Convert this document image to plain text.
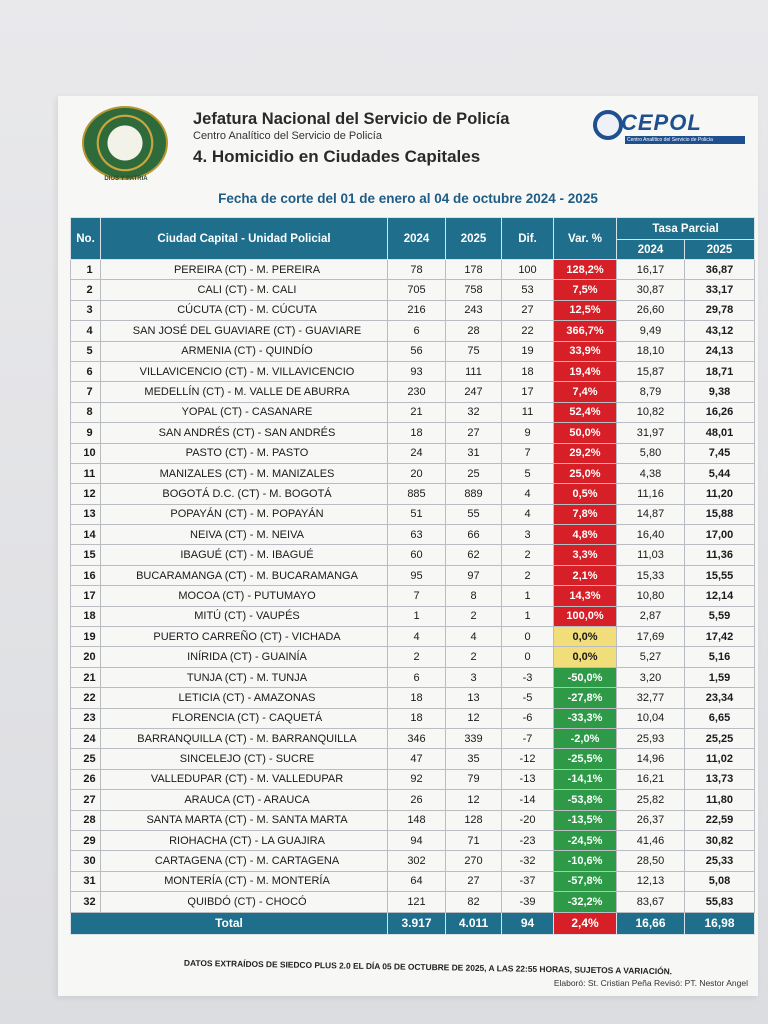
DIOS Y PATRIA
Jefatura Nacional del Servicio de Policía
Centro Analítico del Servicio de Policía
4. Homicidio en Ciudades Capitales
CEPOL
Centro Analítico del Servicio de Policía
Fecha de corte del 01 de enero al 04 de octubre 2024 - 2025
No.	Ciudad Capital - Unidad Policial	2024	2025	Dif.	Var. %	Tasa Parcial	
						2024	2025
1	PEREIRA (CT) - M. PEREIRA	78	178	100	128,2%	16,17	36,87
2	CALI (CT) - M. CALI	705	758	53	7,5%	30,87	33,17
3	CÚCUTA (CT) - M. CÚCUTA	216	243	27	12,5%	26,60	29,78
4	SAN JOSÉ DEL GUAVIARE (CT) - GUAVIARE	6	28	22	366,7%	9,49	43,12
5	ARMENIA (CT) - QUINDÍO	56	75	19	33,9%	18,10	24,13
6	VILLAVICENCIO (CT) - M. VILLAVICENCIO	93	111	18	19,4%	15,87	18,71
7	MEDELLÍN (CT) - M. VALLE DE ABURRA	230	247	17	7,4%	8,79	9,38
8	YOPAL (CT) - CASANARE	21	32	11	52,4%	10,82	16,26
9	SAN ANDRÉS (CT) - SAN ANDRÉS	18	27	9	50,0%	31,97	48,01
10	PASTO (CT) - M. PASTO	24	31	7	29,2%	5,80	7,45
11	MANIZALES (CT) - M. MANIZALES	20	25	5	25,0%	4,38	5,44
12	BOGOTÁ D.C. (CT) - M. BOGOTÁ	885	889	4	0,5%	11,16	11,20
13	POPAYÁN (CT) - M. POPAYÁN	51	55	4	7,8%	14,87	15,88
14	NEIVA (CT) - M. NEIVA	63	66	3	4,8%	16,40	17,00
15	IBAGUÉ (CT) - M. IBAGUÉ	60	62	2	3,3%	11,03	11,36
16	BUCARAMANGA (CT) - M. BUCARAMANGA	95	97	2	2,1%	15,33	15,55
17	MOCOA (CT) - PUTUMAYO	7	8	1	14,3%	10,80	12,14
18	MITÚ (CT) - VAUPÉS	1	2	1	100,0%	2,87	5,59
19	PUERTO CARREÑO (CT) - VICHADA	4	4	0	0,0%	17,69	17,42
20	INÍRIDA (CT) - GUAINÍA	2	2	0	0,0%	5,27	5,16
21	TUNJA (CT) - M. TUNJA	6	3	-3	-50,0%	3,20	1,59
22	LETICIA (CT) - AMAZONAS	18	13	-5	-27,8%	32,77	23,34
23	FLORENCIA (CT) - CAQUETÁ	18	12	-6	-33,3%	10,04	6,65
24	BARRANQUILLA (CT) - M. BARRANQUILLA	346	339	-7	-2,0%	25,93	25,25
25	SINCELEJO (CT) - SUCRE	47	35	-12	-25,5%	14,96	11,02
26	VALLEDUPAR (CT) - M. VALLEDUPAR	92	79	-13	-14,1%	16,21	13,73
27	ARAUCA (CT) - ARAUCA	26	12	-14	-53,8%	25,82	11,80
28	SANTA MARTA (CT) - M. SANTA MARTA	148	128	-20	-13,5%	26,37	22,59
29	RIOHACHA (CT) - LA GUAJIRA	94	71	-23	-24,5%	41,46	30,82
30	CARTAGENA (CT) - M. CARTAGENA	302	270	-32	-10,6%	28,50	25,33
31	MONTERÍA (CT) - M. MONTERÍA	64	27	-37	-57,8%	12,13	5,08
32	QUIBDÓ (CT) - CHOCÓ	121	82	-39	-32,2%	83,67	55,83
Total		3.917	4.011	94	2,4%	16,66	16,98
DATOS EXTRAÍDOS DE SIEDCO PLUS 2.0 EL DÍA 05 DE OCTUBRE DE 2025, A LAS 22:55 HORAS, SUJETOS A VARIACIÓN.
Elaboró: St. Cristian Peña Revisó: PT. Nestor Angel
